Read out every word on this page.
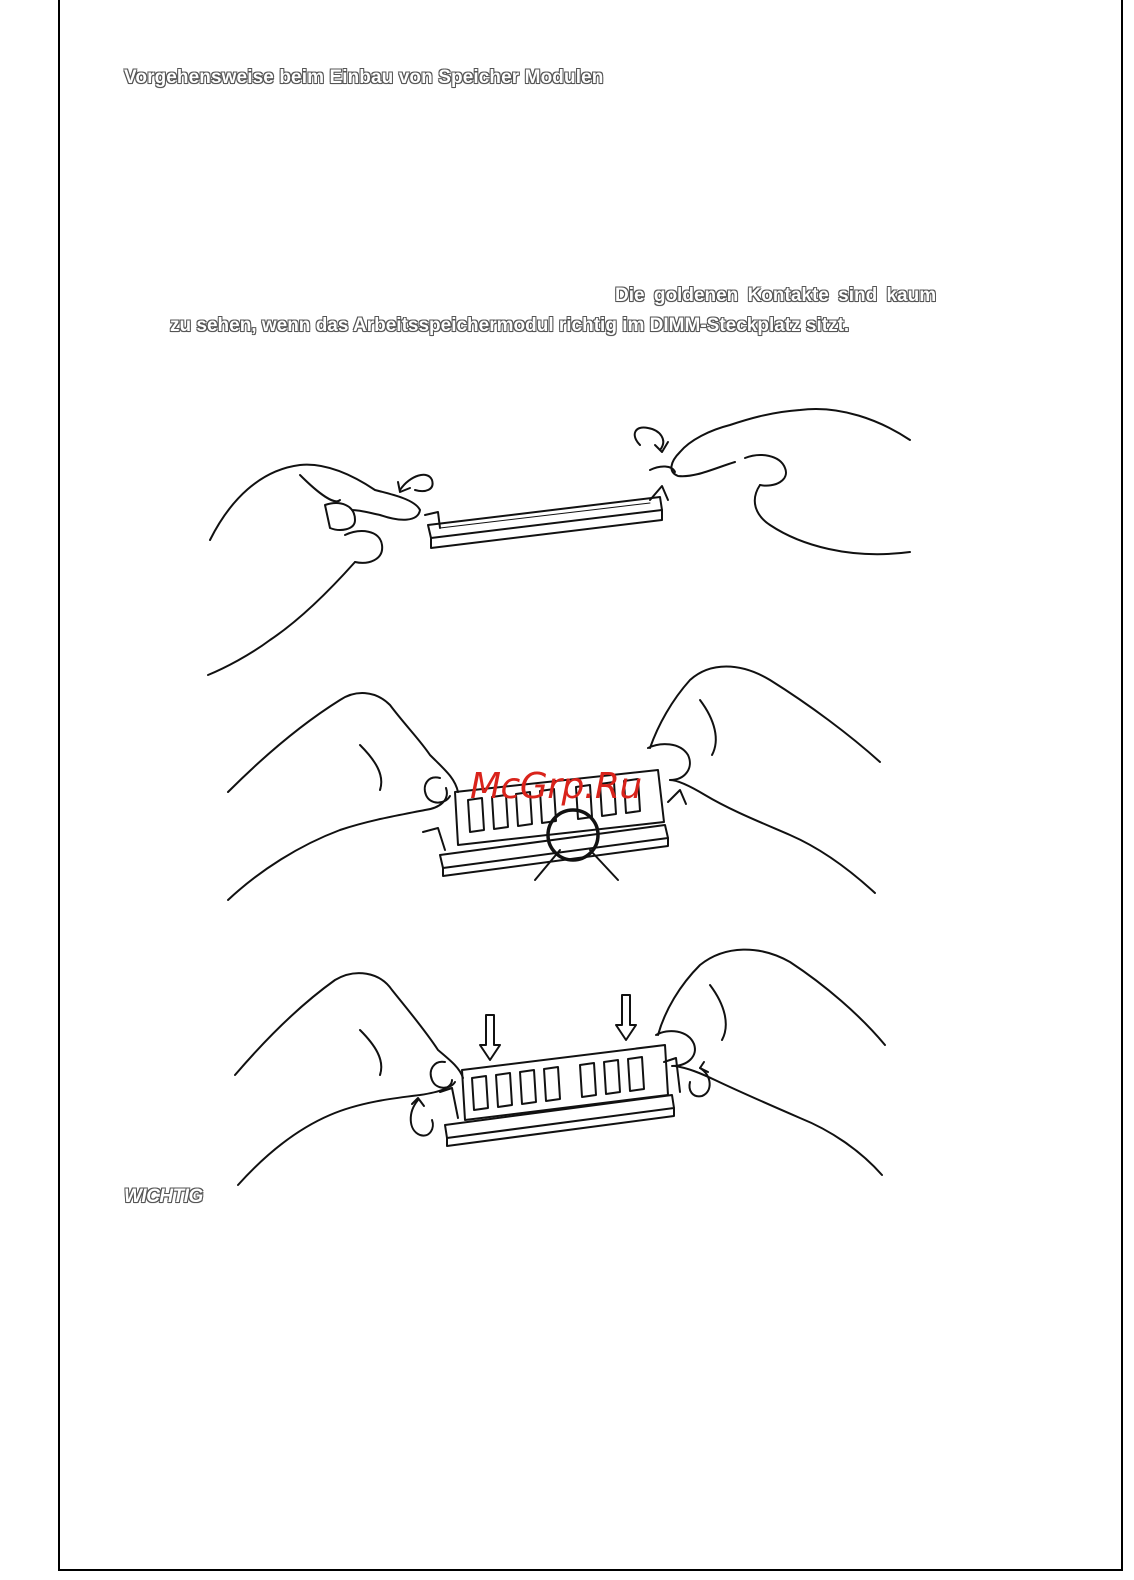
Vorgehensweise beim Einbau von Speicher Modulen
Die goldenen Kontakte sind kaum
zu sehen, wenn das Arbeitsspeichermodul richtig im DIMM-Steckplatz sitzt.
McGrp.Ru
WICHTIG
